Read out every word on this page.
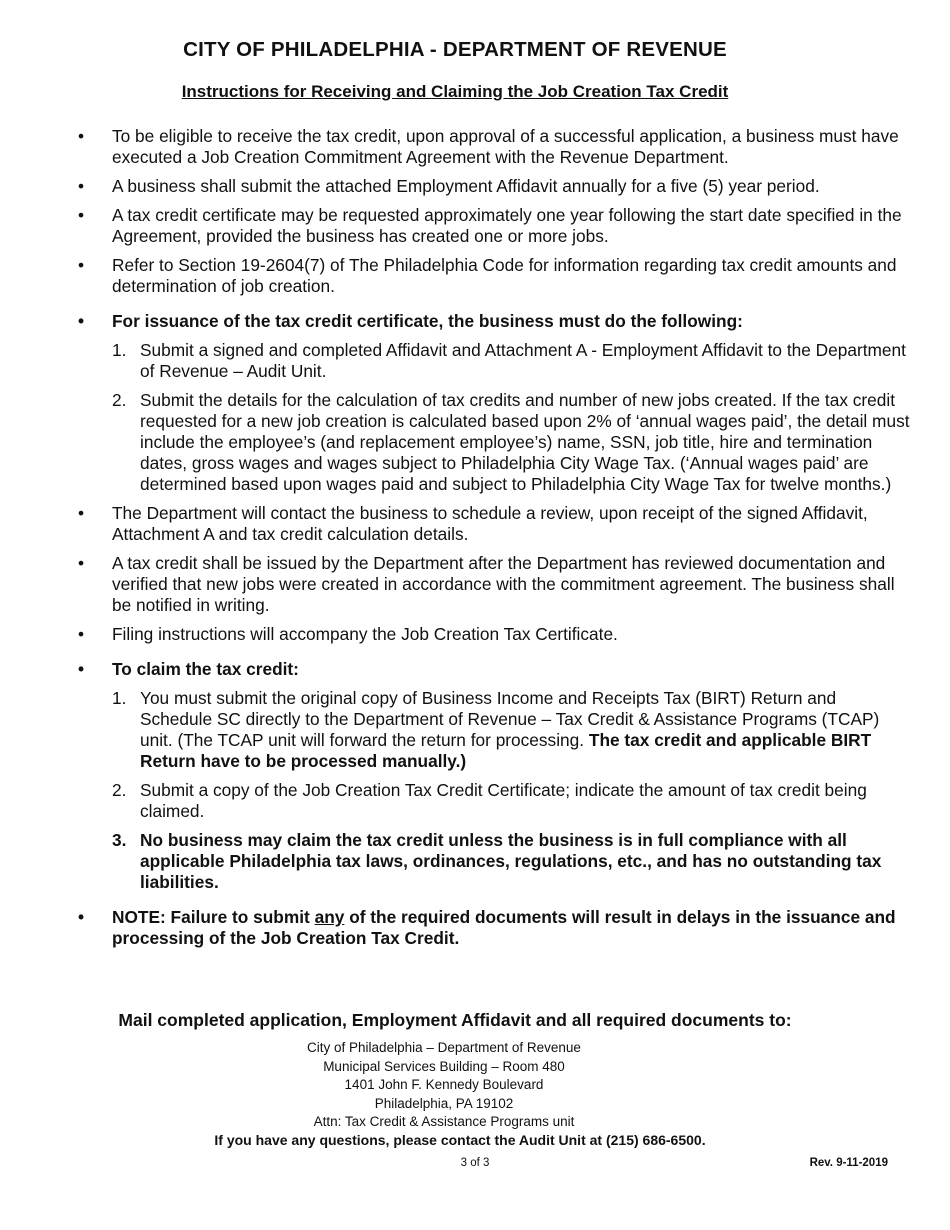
CITY OF PHILADELPHIA - DEPARTMENT OF REVENUE
Instructions for Receiving and Claiming the Job Creation Tax Credit
• To be eligible to receive the tax credit, upon approval of a successful application, a business must have executed a Job Creation Commitment Agreement with the Revenue Department.
• A business shall submit the attached Employment Affidavit annually for a five (5) year period.
• A tax credit certificate may be requested approximately one year following the start date specified in the Agreement, provided the business has created one or more jobs.
• Refer to Section 19-2604(7) of The Philadelphia Code for information regarding tax credit amounts and determination of job creation.
• For issuance of the tax credit certificate, the business must do the following:
1. Submit a signed and completed Affidavit and Attachment A - Employment Affidavit to the Department of Revenue – Audit Unit.
2. Submit the details for the calculation of tax credits and number of new jobs created. If the tax credit requested for a new job creation is calculated based upon 2% of ‘annual wages paid’, the detail must include the employee’s (and replacement employee’s) name, SSN, job title, hire and termination dates, gross wages and wages subject to Philadelphia City Wage Tax. (‘Annual wages paid’ are determined based upon wages paid and subject to Philadelphia City Wage Tax for twelve months.)
• The Department will contact the business to schedule a review, upon receipt of the signed Affidavit, Attachment A and tax credit calculation details.
• A tax credit shall be issued by the Department after the Department has reviewed documentation and verified that new jobs were created in accordance with the commitment agreement. The business shall be notified in writing.
• Filing instructions will accompany the Job Creation Tax Certificate.
• To claim the tax credit:
1. You must submit the original copy of Business Income and Receipts Tax (BIRT) Return and Schedule SC directly to the Department of Revenue – Tax Credit & Assistance Programs (TCAP) unit. (The TCAP unit will forward the return for processing. The tax credit and applicable BIRT Return have to be processed manually.)
2. Submit a copy of the Job Creation Tax Credit Certificate; indicate the amount of tax credit being claimed.
3. No business may claim the tax credit unless the business is in full compliance with all applicable Philadelphia tax laws, ordinances, regulations, etc., and has no outstanding tax liabilities.
• NOTE: Failure to submit any of the required documents will result in delays in the issuance and processing of the Job Creation Tax Credit.
Mail completed application, Employment Affidavit and all required documents to:
City of Philadelphia – Department of Revenue
Municipal Services Building – Room 480
1401 John F. Kennedy Boulevard
Philadelphia, PA 19102
Attn: Tax Credit & Assistance Programs unit
If you have any questions, please contact the Audit Unit at (215) 686-6500.
3 of 3	Rev. 9-11-2019
